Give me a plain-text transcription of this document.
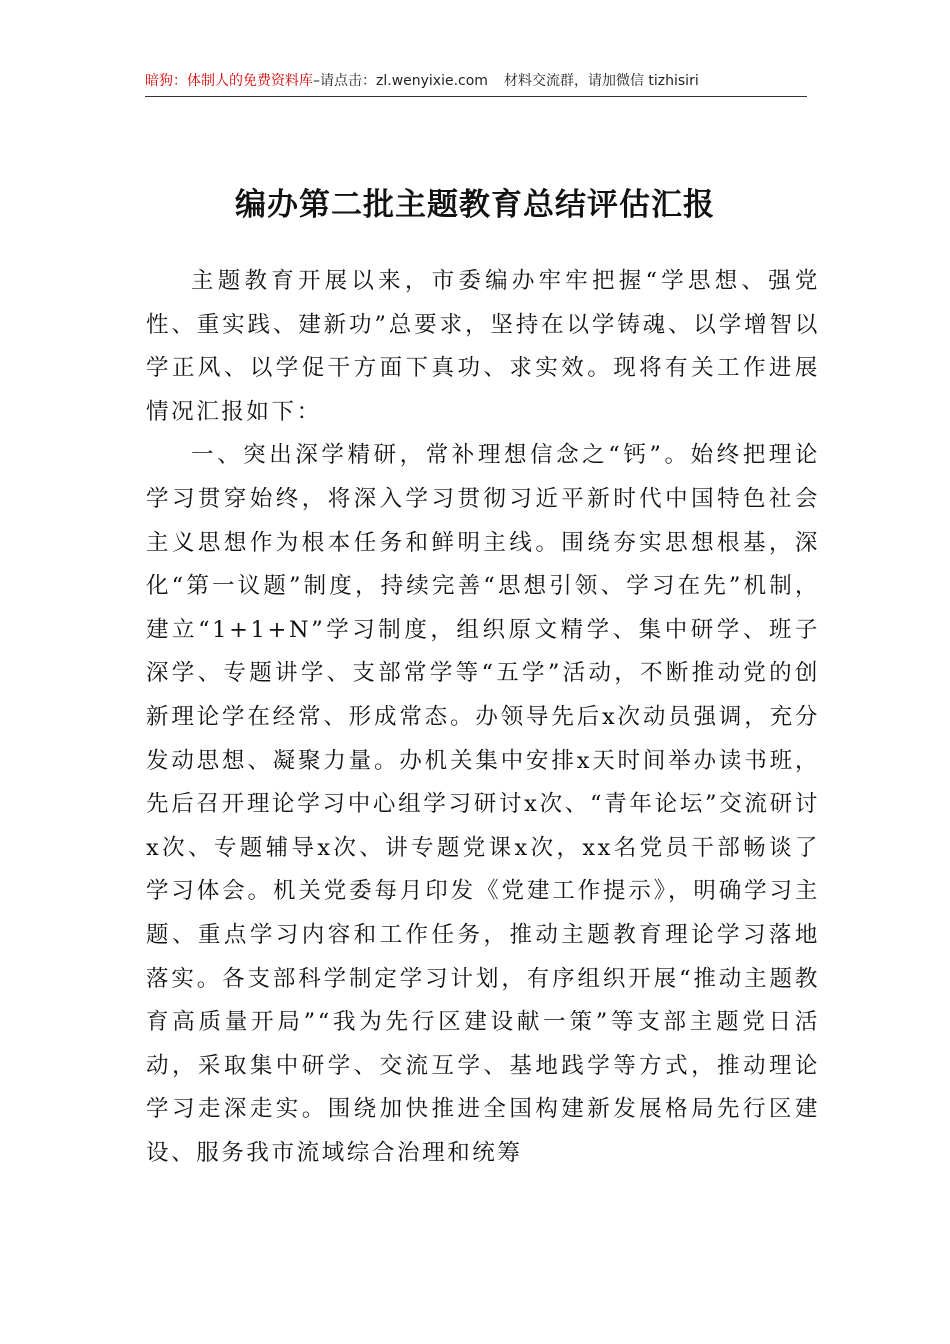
暗狗：体制人的免费资料库–请点击：zl.wenyixie.com 材料交流群，请加微信 tizhisiri
编办第二批主题教育总结评估汇报

主题教育开展以来，市委编办牢牢把握“学思想、强党性、重实践、建新功”总要求，坚持在以学铸魂、以学增智以学正风、以学促干方面下真功、求实效。现将有关工作进展情况汇报如下：

一、突出深学精研，常补理想信念之“钙”。始终把理论学习贯穿始终，将深入学习贯彻习近平新时代中国特色社会主义思想作为根本任务和鲜明主线。围绕夯实思想根基，深化“第一议题”制度，持续完善“思想引领、学习在先”机制，建立“1+1+N”学习制度，组织原文精学、集中研学、班子深学、专题讲学、支部常学等“五学”活动，不断推动党的创新理论学在经常、形成常态。办领导先后x次动员强调，充分发动思想、凝聚力量。办机关集中安排x天时间举办读书班，先后召开理论学习中心组学习研讨x次、“青年论坛”交流研讨x次、专题辅导x次、讲专题党课x次，xx名党员干部畅谈了学习体会。机关党委每月印发《党建工作提示》，明确学习主题、重点学习内容和工作任务，推动主题教育理论学习落地落实。各支部科学制定学习计划，有序组织开展“推动主题教育高质量开局”“我为先行区建设献一策”等支部主题党日活动，采取集中研学、交流互学、基地践学等方式，推动理论学习走深走实。围绕加快推进全国构建新发展格局先行区建设、服务我市流域综合治理和统筹
